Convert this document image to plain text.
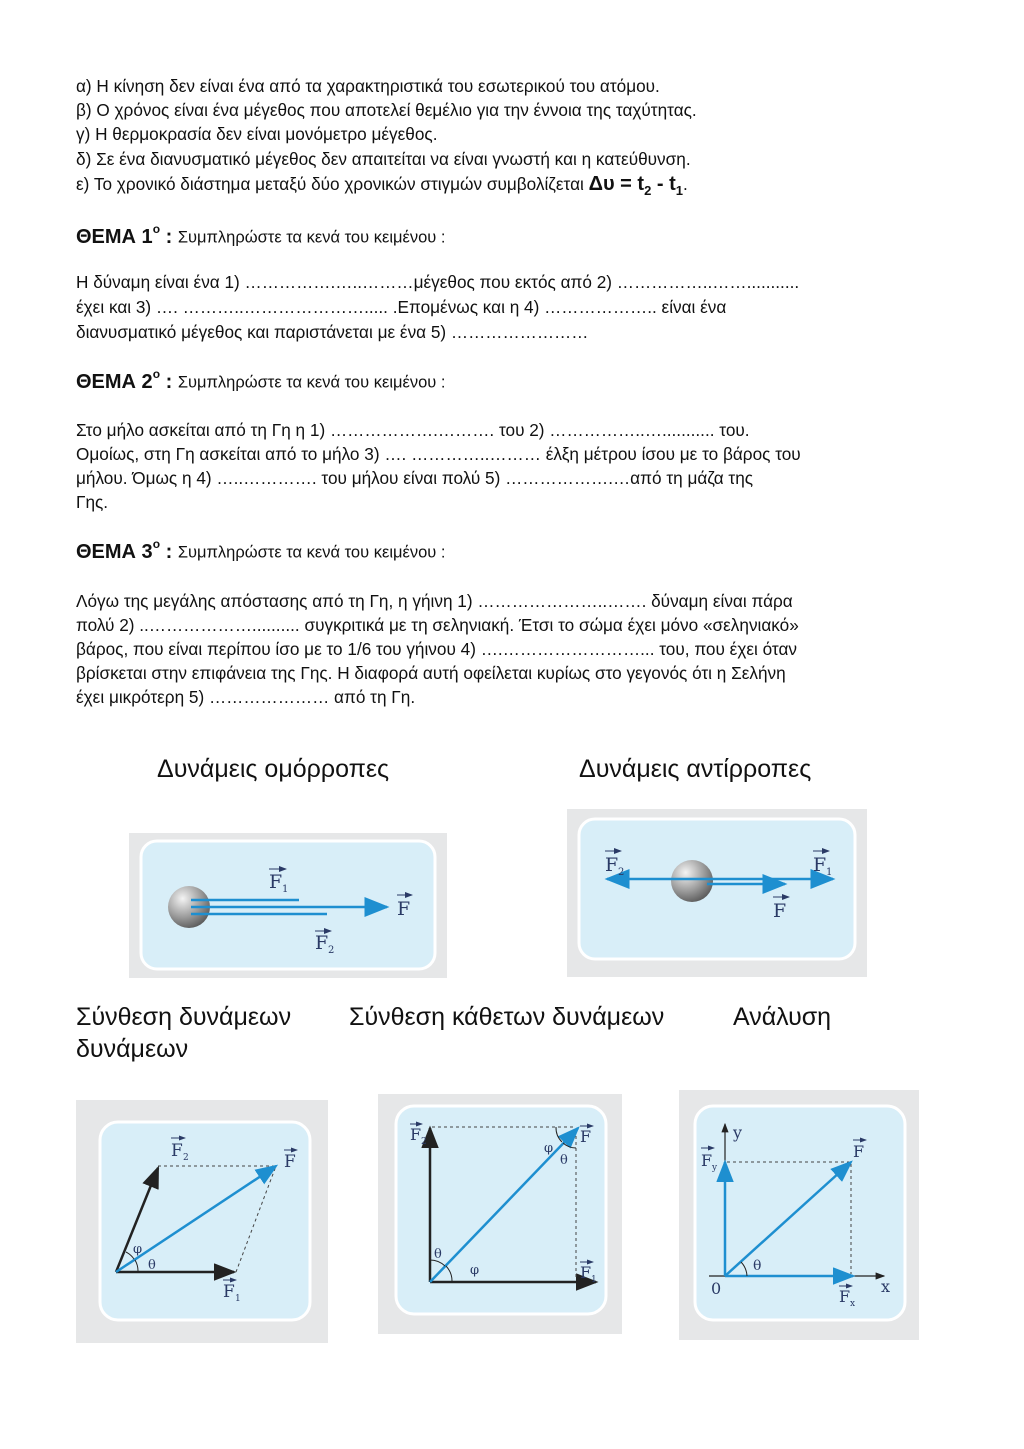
α) Η κίνηση δεν είναι ένα από τα χαρακτηριστικά του εσωτερικού του ατόμου.
β) Ο χρόνος είναι ένα μέγεθος που αποτελεί θεμέλιο για την έννοια της ταχύτητας.
γ) Η θερμοκρασία δεν είναι μονόμετρο μέγεθος.
δ) Σε ένα διανυσματικό μέγεθος δεν απαιτείται να είναι γνωστή και η κατεύθυνση.
ε) Το χρονικό διάστημα μεταξύ δύο χρονικών στιγμών συμβολίζεται $\Delta\upsilon = t_2 - t_1$.
ΘΕΜΑ $1^o$ : Συμπληρώστε τα κενά του κειμένου :
Η δύναμη είναι ένα 1) …………….…..………μέγεθος που εκτός από 2) ……………..……...........
έχει και 3) …. ………..…………………..... .Επομένως και η 4) ……………….. είναι ένα
διανυσματικό μέγεθος και παριστάνεται με ένα 5) ……………………
ΘΕΜΑ $2^o$ : Συμπληρώστε τα κενά του κειμένου :
Στο μήλο ασκείται από τη Γη η 1) ……………….………. του 2) ……………..…........... του.
Ομοίως, στη Γη ασκείται από το μήλο 3) …. …………..……… έλξη μέτρου ίσου με το βάρος του
μήλου. Όμως η 4) …..…………. του μήλου είναι πολύ 5) ……………….…από τη μάζα της
Γης.
ΘΕΜΑ $3^o$ : Συμπληρώστε τα κενά του κειμένου :
Λόγω της μεγάλης απόστασης από τη Γη, η γήινη 1) …………………..……. δύναμη είναι πάρα
πολύ 2) ..……………….......... συγκριτικά με τη σεληνιακή. Έτσι το σώμα έχει μόνο «σεληνιακό»
βάρος, που είναι περίπου ίσο με το 1/6 του γήινου 4) ….……………………... του, που έχει όταν
βρίσκεται στην επιφάνεια της Γης. Η διαφορά αυτή οφείλεται κυρίως στο γεγονός ότι η Σελήνη
έχει μικρότερη 5) ………………… από τη Γη.
Δυνάμεις ομόρροπες	Δυνάμεις αντίρροπες
Σύνθεση δυνάμεων
δυνάμεων
Σύνθεση κάθετων δυνάμεων	Ανάλυση
F 1
F
F 2
F 2	F 1
F
φ
θ
F 2	F
F 1
θ
φ
φ
θ
F 2	F
F 1
θ
y
x
0
F y
F
F x
